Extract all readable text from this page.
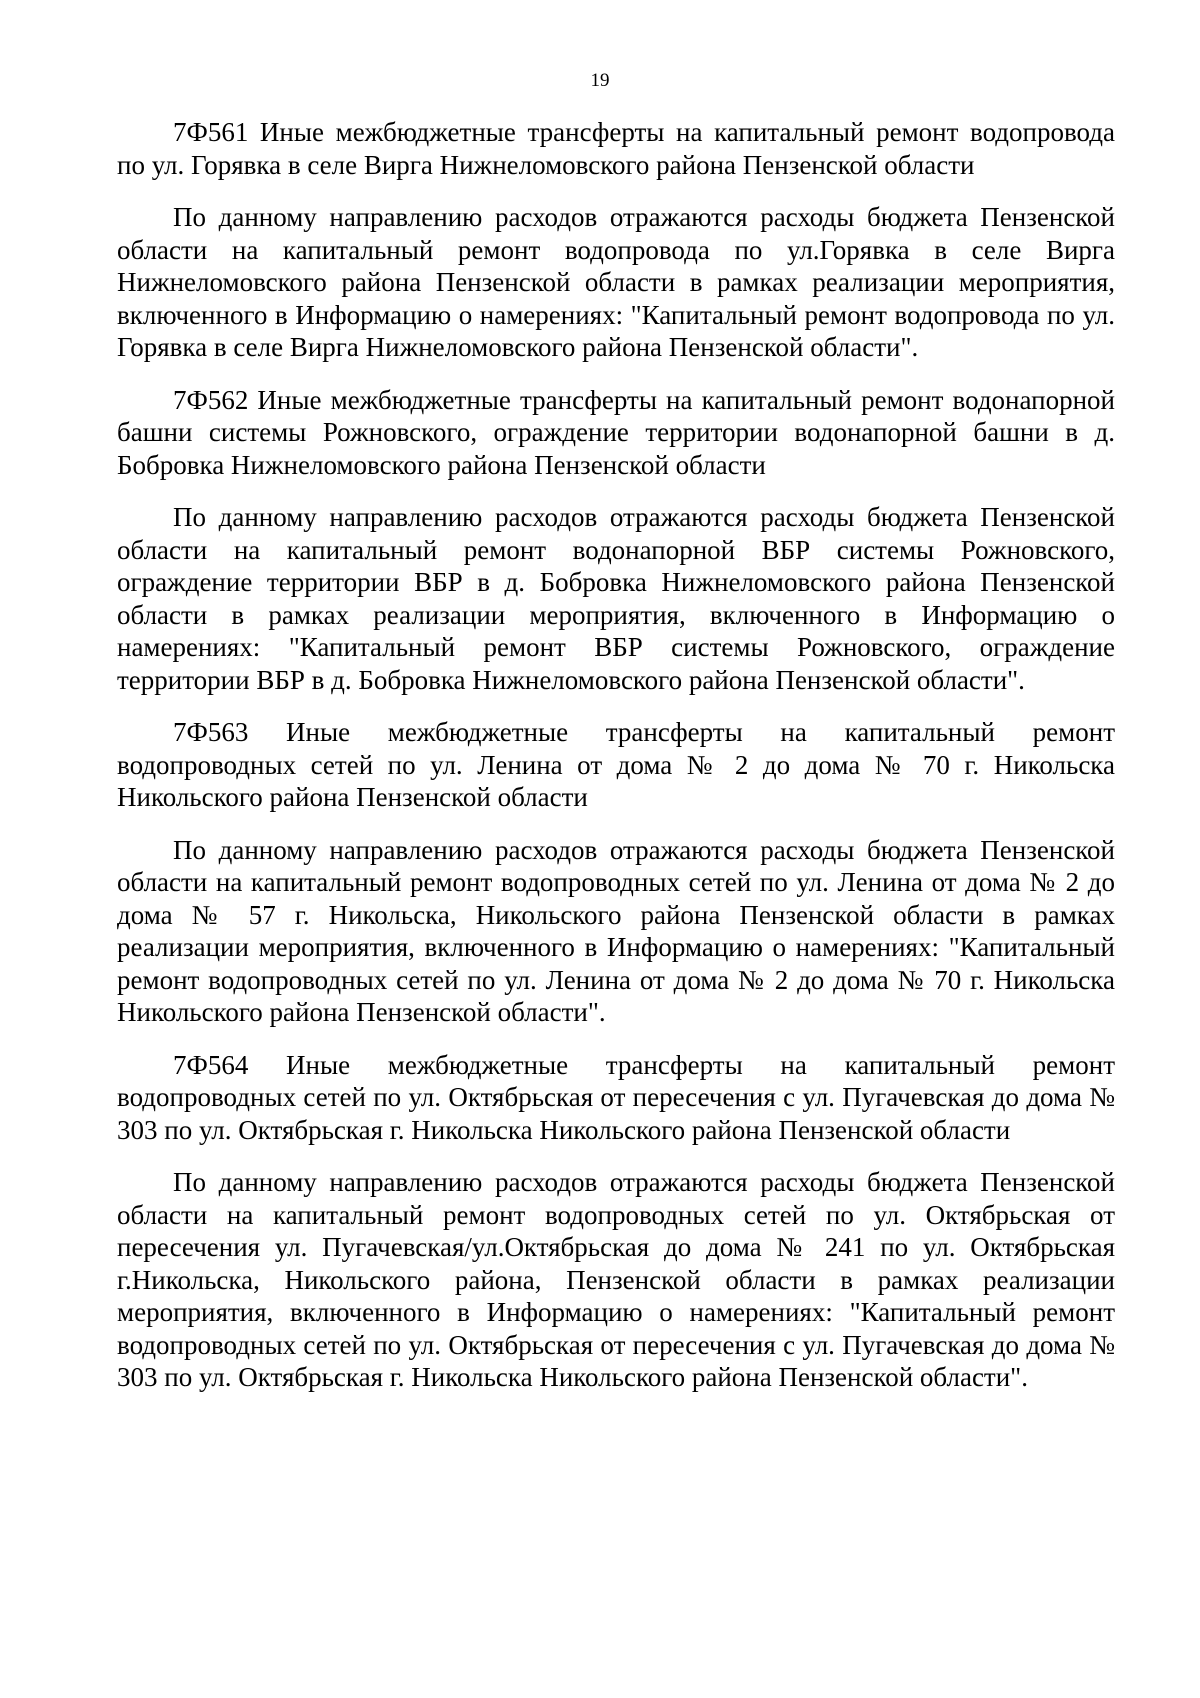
19

7Ф561 Иные межбюджетные трансферты на капитальный ремонт водопровода по ул. Горявка в селе Вирга Нижнеломовского района Пензенской области

По данному направлению расходов отражаются расходы бюджета Пензенской области на капитальный ремонт водопровода по ул.Горявка в селе Вирга Нижнеломовского района Пензенской области в рамках реализации мероприятия, включенного в Информацию о намерениях: "Капитальный ремонт водопровода по ул. Горявка в селе Вирга Нижнеломовского района Пензенской области".

7Ф562 Иные межбюджетные трансферты на капитальный ремонт водонапорной башни системы Рожновского, ограждение территории водонапорной башни в д. Бобровка Нижнеломовского района Пензенской области

По данному направлению расходов отражаются расходы бюджета Пензенской области на капитальный ремонт водонапорной ВБР системы Рожновского, ограждение территории ВБР в д. Бобровка Нижнеломовского района Пензенской области в рамках реализации мероприятия, включенного в Информацию о намерениях: "Капитальный ремонт ВБР системы Рожновского, ограждение территории ВБР в д. Бобровка Нижнеломовского района Пензенской области".

7Ф563 Иные межбюджетные трансферты на капитальный ремонт водопроводных сетей по ул. Ленина от дома № 2 до дома № 70 г. Никольска Никольского района Пензенской области

По данному направлению расходов отражаются расходы бюджета Пензенской области на капитальный ремонт водопроводных сетей по ул. Ленина от дома № 2 до дома № 57 г. Никольска, Никольского района Пензенской области в рамках реализации мероприятия, включенного в Информацию о намерениях: "Капитальный ремонт водопроводных сетей по ул. Ленина от дома № 2 до дома № 70 г. Никольска Никольского района Пензенской области".

7Ф564 Иные межбюджетные трансферты на капитальный ремонт водопроводных сетей по ул. Октябрьская от пересечения с ул. Пугачевская до дома № 303 по ул. Октябрьская г. Никольска Никольского района Пензенской области

По данному направлению расходов отражаются расходы бюджета Пензенской области на капитальный ремонт водопроводных сетей по ул. Октябрьская от пересечения ул. Пугачевская/ул.Октябрьская до дома № 241 по ул. Октябрьская г.Никольска, Никольского района, Пензенской области в рамках реализации мероприятия, включенного в Информацию о намерениях: "Капитальный ремонт водопроводных сетей по ул. Октябрьская от пересечения с ул. Пугачевская до дома № 303 по ул. Октябрьская г. Никольска Никольского района Пензенской области".
